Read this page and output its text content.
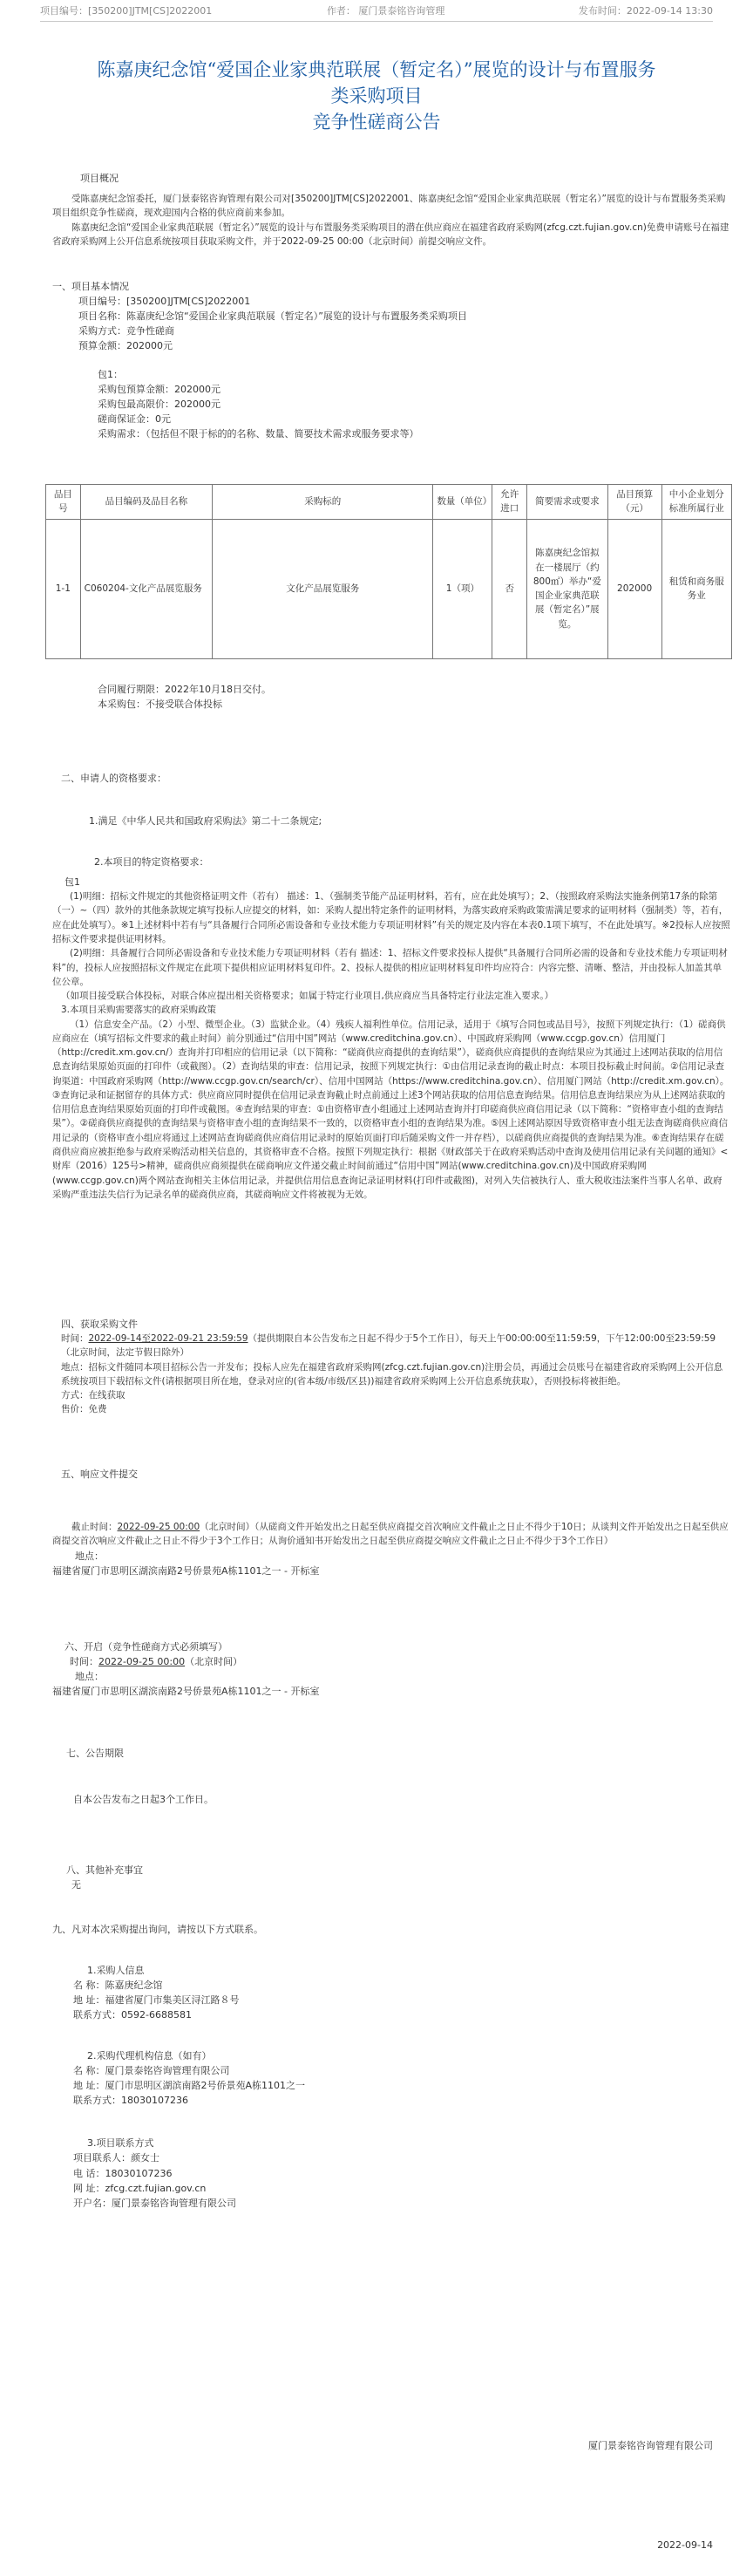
项目编号：[350200]JTM[CS]2022001	作者： 厦门景泰铭咨询管理	发布时间：2022-09-14 13:30
陈嘉庚纪念馆“爱国企业家典范联展（暂定名）”展览的设计与布置服务
类采购项目
竞争性磋商公告

项目概况

受陈嘉庚纪念馆委托，厦门景泰铭咨询管理有限公司对[350200]JTM[CS]2022001、陈嘉庚纪念馆“爱国企业家典范联展（暂定名）”展览的设计与布置服务类采购项目组织竞争性磋商，现欢迎国内合格的供应商前来参加。

陈嘉庚纪念馆“爱国企业家典范联展（暂定名）”展览的设计与布置服务类采购项目的潜在供应商应在福建省政府采购网(zfcg.czt.fujian.gov.cn)免费申请账号在福建省政府采购网上公开信息系统按项目获取采购文件，并于2022-09-25 00:00（北京时间）前提交响应文件。

一、项目基本情况

项目编号：[350200]JTM[CS]2022001

项目名称：陈嘉庚纪念馆“爱国企业家典范联展（暂定名）”展览的设计与布置服务类采购项目

采购方式：竞争性磋商

预算金额：202000元

包1：

采购包预算金额：202000元

采购包最高限价：202000元

磋商保证金：0元

采购需求：（包括但不限于标的的名称、数量、简要技术需求或服务要求等）

品目号	品目编码及品目名称	采购标的	数量（单位）	允许进口	简要需求或要求	品目预算（元）	中小企业划分标准所属行业
1-1	C060204-文化产品展览服务	文化产品展览服务	1（项）	否	陈嘉庚纪念馆拟在一楼展厅（约800㎡）举办“爱国企业家典范联展（暂定名）”展览。	202000	租赁和商务服务业

合同履行期限：2022年10月18日交付。

本采购包：不接受联合体投标

二、申请人的资格要求：

1.满足《中华人民共和国政府采购法》第二十二条规定;

2.本项目的特定资格要求：

包1

(1)明细：招标文件规定的其他资格证明文件（若有） 描述：1、（强制类节能产品证明材料，若有，应在此处填写）；2、（按照政府采购法实施条例第17条的除第（一）~（四）款外的其他条款规定填写投标人应提交的材料，如：采购人提出特定条件的证明材料，为落实政府采购政策需满足要求的证明材料（强制类）等，若有，应在此处填写）。※1上述材料中若有与“具备履行合同所必需设备和专业技术能力专项证明材料”有关的规定及内容在本表0.1项下填写，不在此处填写。※2投标人应按照招标文件要求提供证明材料。

(2)明细：具备履行合同所必需设备和专业技术能力专项证明材料（若有 描述：1、招标文件要求投标人提供“具备履行合同所必需的设备和专业技术能力专项证明材料”的，投标人应按照招标文件规定在此项下提供相应证明材料复印件。2、投标人提供的相应证明材料复印件均应符合：内容完整、清晰、整洁，并由投标人加盖其单位公章。

（如项目接受联合体投标，对联合体应提出相关资格要求；如属于特定行业项目,供应商应当具备特定行业法定准入要求。）

3.本项目采购需要落实的政府采购政策

（1）信息安全产品。（2）小型、微型企业。（3）监狱企业。（4）残疾人福利性单位。信用记录，适用于《填写合同包或品目号》，按照下列规定执行：（1）磋商供应商应在（填写招标文件要求的截止时间）前分别通过“信用中国”网站（www.creditchina.gov.cn）、中国政府采购网（www.ccgp.gov.cn）信用厦门（http://credit.xm.gov.cn/）查询并打印相应的信用记录（以下简称：“磋商供应商提供的查询结果”），磋商供应商提供的查询结果应为其通过上述网站获取的信用信息查询结果原始页面的打印件（或截图）。（2）查询结果的审查：信用记录，按照下列规定执行：①由信用记录查询的截止时点：本项目投标截止时间前。②信用记录查询渠道：中国政府采购网（http://www.ccgp.gov.cn/search/cr）、信用中国网站（https://www.creditchina.gov.cn）、信用厦门网站（http://credit.xm.gov.cn）。③查询记录和证据留存的具体方式：供应商应同时提供在信用记录查询截止时点前通过上述3个网站获取的信用信息查询结果。信用信息查询结果应为从上述网站获取的信用信息查询结果原始页面的打印件或截图。④查询结果的审查：①由资格审查小组通过上述网站查询并打印磋商供应商信用记录（以下简称：“资格审查小组的查询结果”）。②磋商供应商提供的查询结果与资格审查小组的查询结果不一致的，以资格审查小组的查询结果为准。⑤因上述网站原因导致资格审查小组无法查询磋商供应商信用记录的（资格审查小组应将通过上述网站查询磋商供应商信用记录时的原始页面打印后随采购文件一并存档），以磋商供应商提供的查询结果为准。⑥查询结果存在磋商供应商应被拒绝参与政府采购活动相关信息的，其资格审查不合格。按照下列规定执行：根据《财政部关于在政府采购活动中查询及使用信用记录有关问题的通知》<财库（2016）125号>精神，磋商供应商须提供在磋商响应文件递交截止时间前通过“信用中国”网站(www.creditchina.gov.cn)及中国政府采购网(www.ccgp.gov.cn)两个网站查询相关主体信用记录，并提供信用信息查询记录证明材料(打印件或截图)，对列入失信被执行人、重大税收违法案件当事人名单、政府采购严重违法失信行为记录名单的磋商供应商，其磋商响应文件将被视为无效。

四、获取采购文件

时间：2022-09-14至2022-09-21 23:59:59（提供期限自本公告发布之日起不得少于5个工作日），每天上午00:00:00至11:59:59，下午12:00:00至23:59:59（北京时间，法定节假日除外）

地点：招标文件随同本项目招标公告一并发布；投标人应先在福建省政府采购网(zfcg.czt.fujian.gov.cn)注册会员，再通过会员账号在福建省政府采购网上公开信息系统按项目下载招标文件(请根据项目所在地，登录对应的(省本级/市级/区县))福建省政府采购网上公开信息系统获取），否则投标将被拒绝。

方式：在线获取

售价：免费

五、响应文件提交

截止时间：2022-09-25 00:00（北京时间）（从磋商文件开始发出之日起至供应商提交首次响应文件截止之日止不得少于10日；从谈判文件开始发出之日起至供应商提交首次响应文件截止之日止不得少于3个工作日；从询价通知书开始发出之日起至供应商提交响应文件截止之日止不得少于3个工作日）

地点：

福建省厦门市思明区湖滨南路2号侨景苑A栋1101之一 - 开标室

六、开启（竞争性磋商方式必须填写）

时间：2022-09-25 00:00（北京时间）

地点：

福建省厦门市思明区湖滨南路2号侨景苑A栋1101之一 - 开标室

七、公告期限

自本公告发布之日起3个工作日。

八、其他补充事宜

无

九、凡对本次采购提出询问，请按以下方式联系。

1.采购人信息

名 称：陈嘉庚纪念馆

地 址：福建省厦门市集美区浔江路８号

联系方式：0592-6688581

2.采购代理机构信息（如有）

名 称：厦门景泰铭咨询管理有限公司

地 址：厦门市思明区湖滨南路2号侨景苑A栋1101之一

联系方式：18030107236

3.项目联系方式

项目联系人：颜女士

电 话：18030107236

网 址：zfcg.czt.fujian.gov.cn

开户名：厦门景泰铭咨询管理有限公司

厦门景泰铭咨询管理有限公司
2022-09-14
